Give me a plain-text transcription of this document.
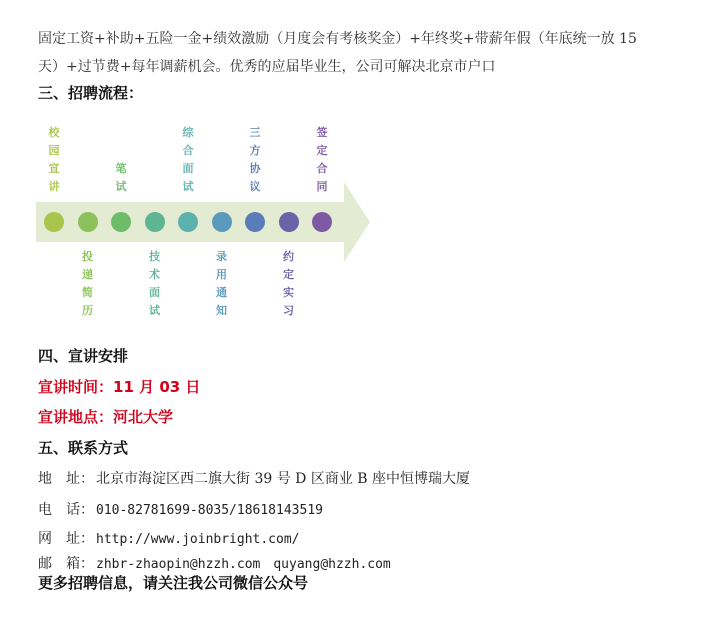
固定工资+补助+五险一金+绩效激励（月度会有考核奖金）+年终奖+带薪年假（年底统一放 15
天）+过节费+每年调薪机会。优秀的应届毕业生，公司可解决北京市户口
三、招聘流程：
校园宣讲
投递简历
笔试
技术面试
综合面试
录用通知
三方协议
约定实习
签定合同
四、宣讲安排
宣讲时间：11 月 03 日
宣讲地点：河北大学
五、联系方式
地　址： 北京市海淀区西二旗大街 39 号 D 区商业 B 座中恒博瑞大厦
电　话： 010-82781699-8035/18618143519
网　址： http://www.joinbright.com/
邮　箱： zhbr-zhaopin@hzzh.com　quyang@hzzh.com
更多招聘信息，请关注我公司微信公众号
